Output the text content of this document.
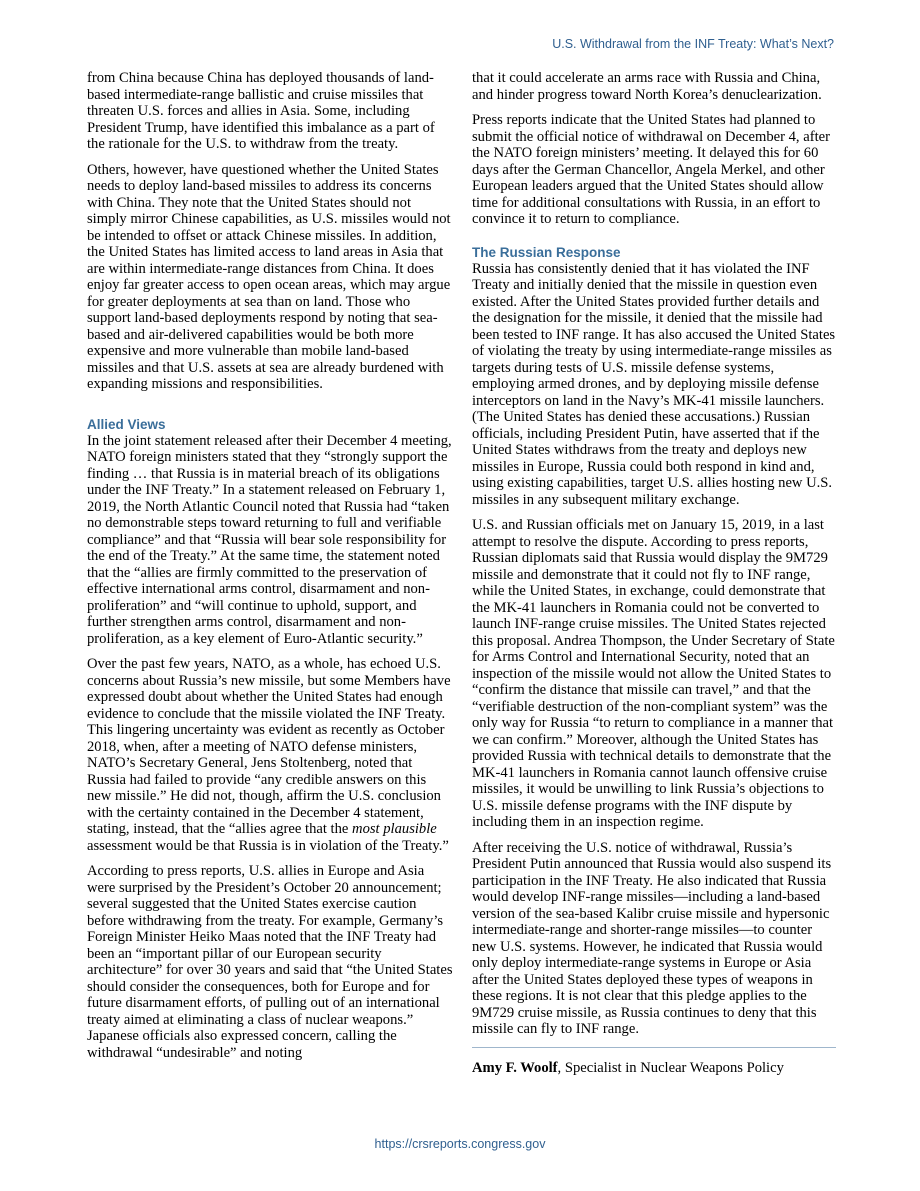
U.S. Withdrawal from the INF Treaty: What’s Next?

from China because China has deployed thousands of land-based intermediate-range ballistic and cruise missiles that threaten U.S. forces and allies in Asia. Some, including President Trump, have identified this imbalance as a part of the rationale for the U.S. to withdraw from the treaty.

Others, however, have questioned whether the United States needs to deploy land-based missiles to address its concerns with China. They note that the United States should not simply mirror Chinese capabilities, as U.S. missiles would not be intended to offset or attack Chinese missiles. In addition, the United States has limited access to land areas in Asia that are within intermediate-range distances from China. It does enjoy far greater access to open ocean areas, which may argue for greater deployments at sea than on land. Those who support land-based deployments respond by noting that sea-based and air-delivered capabilities would be both more expensive and more vulnerable than mobile land-based missiles and that U.S. assets at sea are already burdened with expanding missions and responsibilities.

Allied Views

In the joint statement released after their December 4 meeting, NATO foreign ministers stated that they “strongly support the finding … that Russia is in material breach of its obligations under the INF Treaty.” In a statement released on February 1, 2019, the North Atlantic Council noted that Russia had “taken no demonstrable steps toward returning to full and verifiable compliance” and that “Russia will bear sole responsibility for the end of the Treaty.” At the same time, the statement noted that the “allies are firmly committed to the preservation of effective international arms control, disarmament and non-proliferation” and “will continue to uphold, support, and further strengthen arms control, disarmament and non-proliferation, as a key element of Euro-Atlantic security.”

Over the past few years, NATO, as a whole, has echoed U.S. concerns about Russia’s new missile, but some Members have expressed doubt about whether the United States had enough evidence to conclude that the missile violated the INF Treaty. This lingering uncertainty was evident as recently as October 2018, when, after a meeting of NATO defense ministers, NATO’s Secretary General, Jens Stoltenberg, noted that Russia had failed to provide “any credible answers on this new missile.” He did not, though, affirm the U.S. conclusion with the certainty contained in the December 4 statement, stating, instead, that the “allies agree that the most plausible assessment would be that Russia is in violation of the Treaty.”

According to press reports, U.S. allies in Europe and Asia were surprised by the President’s October 20 announcement; several suggested that the United States exercise caution before withdrawing from the treaty. For example, Germany’s Foreign Minister Heiko Maas noted that the INF Treaty had been an “important pillar of our European security architecture” for over 30 years and said that “the United States should consider the consequences, both for Europe and for future disarmament efforts, of pulling out of an international treaty aimed at eliminating a class of nuclear weapons.” Japanese officials also expressed concern, calling the withdrawal “undesirable” and noting

that it could accelerate an arms race with Russia and China, and hinder progress toward North Korea’s denuclearization.

Press reports indicate that the United States had planned to submit the official notice of withdrawal on December 4, after the NATO foreign ministers’ meeting. It delayed this for 60 days after the German Chancellor, Angela Merkel, and other European leaders argued that the United States should allow time for additional consultations with Russia, in an effort to convince it to return to compliance.

The Russian Response

Russia has consistently denied that it has violated the INF Treaty and initially denied that the missile in question even existed. After the United States provided further details and the designation for the missile, it denied that the missile had been tested to INF range. It has also accused the United States of violating the treaty by using intermediate-range missiles as targets during tests of U.S. missile defense systems, employing armed drones, and by deploying missile defense interceptors on land in the Navy’s MK-41 missile launchers. (The United States has denied these accusations.) Russian officials, including President Putin, have asserted that if the United States withdraws from the treaty and deploys new missiles in Europe, Russia could both respond in kind and, using existing capabilities, target U.S. allies hosting new U.S. missiles in any subsequent military exchange.

U.S. and Russian officials met on January 15, 2019, in a last attempt to resolve the dispute. According to press reports, Russian diplomats said that Russia would display the 9M729 missile and demonstrate that it could not fly to INF range, while the United States, in exchange, could demonstrate that the MK-41 launchers in Romania could not be converted to launch INF-range cruise missiles. The United States rejected this proposal. Andrea Thompson, the Under Secretary of State for Arms Control and International Security, noted that an inspection of the missile would not allow the United States to “confirm the distance that missile can travel,” and that the “verifiable destruction of the non-compliant system” was the only way for Russia “to return to compliance in a manner that we can confirm.” Moreover, although the United States has provided Russia with technical details to demonstrate that the MK-41 launchers in Romania cannot launch offensive cruise missiles, it would be unwilling to link Russia’s objections to U.S. missile defense programs with the INF dispute by including them in an inspection regime.

After receiving the U.S. notice of withdrawal, Russia’s President Putin announced that Russia would also suspend its participation in the INF Treaty. He also indicated that Russia would develop INF-range missiles—including a land-based version of the sea-based Kalibr cruise missile and hypersonic intermediate-range and shorter-range missiles—to counter new U.S. systems. However, he indicated that Russia would only deploy intermediate-range systems in Europe or Asia after the United States deployed these types of weapons in these regions. It is not clear that this pledge applies to the 9M729 cruise missile, as Russia continues to deny that this missile can fly to INF range.

Amy F. Woolf, Specialist in Nuclear Weapons Policy
https://crsreports.congress.gov
